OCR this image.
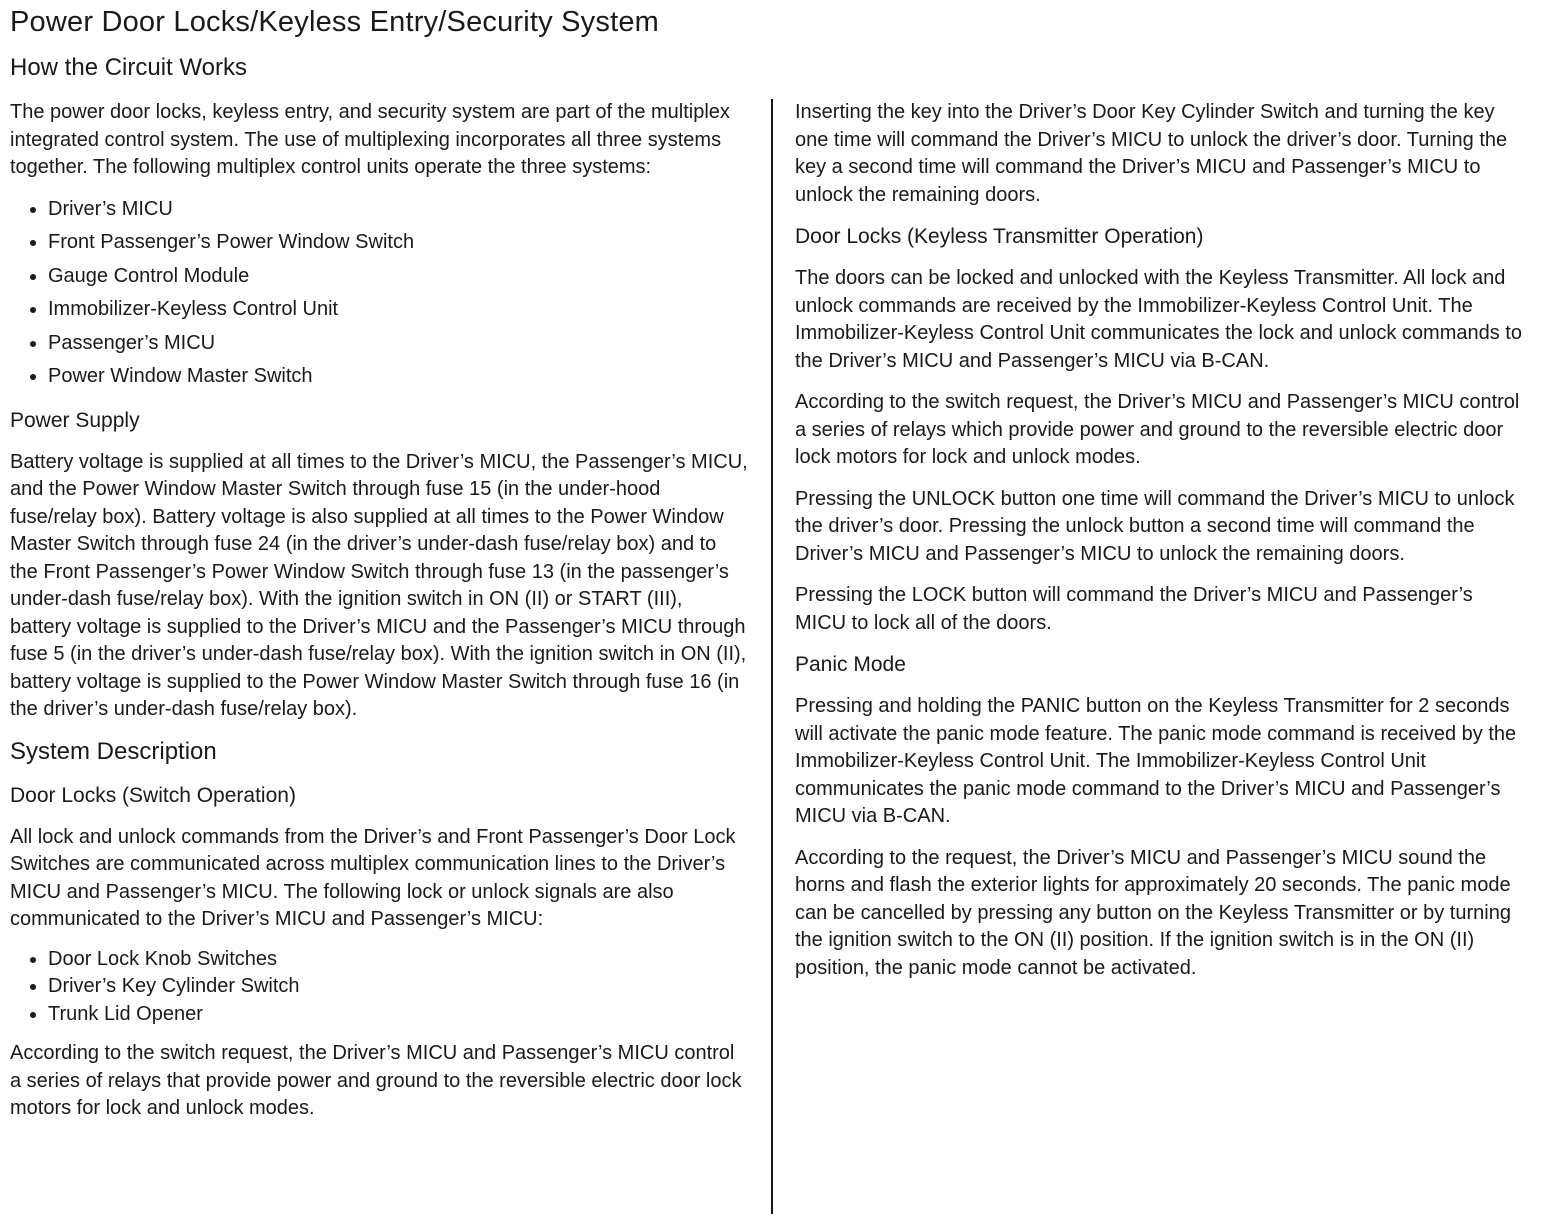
Power Door Locks/Keyless Entry/Security System
How the Circuit Works

The power door locks, keyless entry, and security system are part of the multiplex integrated control system. The use of multiplexing incorporates all three systems together. The following multiplex control units operate the three systems:

• Driver’s MICU
• Front Passenger’s Power Window Switch
• Gauge Control Module
• Immobilizer-Keyless Control Unit
• Passenger’s MICU
• Power Window Master Switch

Power Supply

Battery voltage is supplied at all times to the Driver’s MICU, the Passenger’s MICU, and the Power Window Master Switch through fuse 15 (in the under-hood fuse/relay box). Battery voltage is also supplied at all times to the Power Window Master Switch through fuse 24 (in the driver’s under-dash fuse/relay box) and to the Front Passenger’s Power Window Switch through fuse 13 (in the passenger’s under-dash fuse/relay box). With the ignition switch in ON (II) or START (III), battery voltage is supplied to the Driver’s MICU and the Passenger’s MICU through fuse 5 (in the driver’s under-dash fuse/relay box). With the ignition switch in ON (II), battery voltage is supplied to the Power Window Master Switch through fuse 16 (in the driver’s under-dash fuse/relay box).

System Description

Door Locks (Switch Operation)

All lock and unlock commands from the Driver’s and Front Passenger’s Door Lock Switches are communicated across multiplex communication lines to the Driver’s MICU and Passenger’s MICU. The following lock or unlock signals are also communicated to the Driver’s MICU and Passenger’s MICU:

• Door Lock Knob Switches
• Driver’s Key Cylinder Switch
• Trunk Lid Opener

According to the switch request, the Driver’s MICU and Passenger’s MICU control a series of relays that provide power and ground to the reversible electric door lock motors for lock and unlock modes.

Inserting the key into the Driver’s Door Key Cylinder Switch and turning the key one time will command the Driver’s MICU to unlock the driver’s door. Turning the key a second time will command the Driver’s MICU and Passenger’s MICU to unlock the remaining doors.

Door Locks (Keyless Transmitter Operation)

The doors can be locked and unlocked with the Keyless Transmitter. All lock and unlock commands are received by the Immobilizer-Keyless Control Unit. The Immobilizer-Keyless Control Unit communicates the lock and unlock commands to the Driver’s MICU and Passenger’s MICU via B-CAN.

According to the switch request, the Driver’s MICU and Passenger’s MICU control a series of relays which provide power and ground to the reversible electric door lock motors for lock and unlock modes.

Pressing the UNLOCK button one time will command the Driver’s MICU to unlock the driver’s door. Pressing the unlock button a second time will command the Driver’s MICU and Passenger’s MICU to unlock the remaining doors.

Pressing the LOCK button will command the Driver’s MICU and Passenger’s MICU to lock all of the doors.

Panic Mode

Pressing and holding the PANIC button on the Keyless Transmitter for 2 seconds will activate the panic mode feature. The panic mode command is received by the Immobilizer-Keyless Control Unit. The Immobilizer-Keyless Control Unit communicates the panic mode command to the Driver’s MICU and Passenger’s MICU via B-CAN.

According to the request, the Driver’s MICU and Passenger’s MICU sound the horns and flash the exterior lights for approximately 20 seconds. The panic mode can be cancelled by pressing any button on the Keyless Transmitter or by turning the ignition switch to the ON (II) position. If the ignition switch is in the ON (II) position, the panic mode cannot be activated.
